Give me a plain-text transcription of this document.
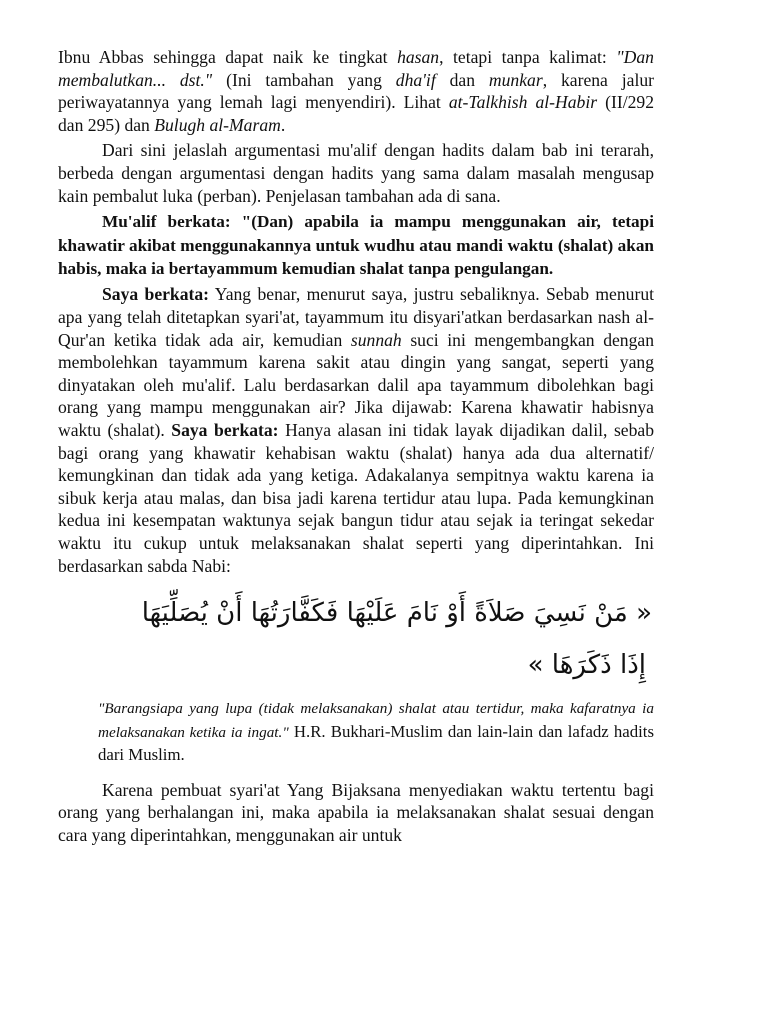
Ibnu Abbas sehingga dapat naik ke tingkat hasan, tetapi tanpa kalimat: "Dan membalutkan... dst." (Ini tambahan yang dha'if dan munkar, karena jalur periwayatannya yang lemah lagi menyendiri). Lihat at-Talkhish al-Habir (II/292 dan 295) dan Bulugh al-Maram.

Dari sini jelaslah argumentasi mu'alif dengan hadits dalam bab ini terarah, berbeda dengan argumentasi dengan hadits yang sama dalam masalah mengusap kain pembalut luka (perban). Penjelasan tambahan ada di sana.

Mu'alif berkata: "(Dan) apabila ia mampu menggunakan air, tetapi khawatir akibat menggunakannya untuk wudhu atau mandi waktu (shalat) akan habis, maka ia bertayammum kemudian shalat tanpa pengulangan.

Saya berkata: Yang benar, menurut saya, justru sebaliknya. Sebab menurut apa yang telah ditetapkan syari'at, tayammum itu disyari'atkan berdasarkan nash al-Qur'an ketika tidak ada air, kemudian sunnah suci ini mengembangkan dengan membolehkan tayammum karena sakit atau dingin yang sangat, seperti yang dinyatakan oleh mu'alif. Lalu berdasarkan dalil apa tayammum dibolehkan bagi orang yang mampu menggunakan air? Jika dijawab: Karena khawatir habisnya waktu (shalat). Saya berkata: Hanya alasan ini tidak layak dijadikan dalil, sebab bagi orang yang khawatir kehabisan waktu (shalat) hanya ada dua alternatif/ kemungkinan dan tidak ada yang ketiga. Adakalanya sempitnya waktu karena ia sibuk kerja atau malas, dan bisa jadi karena tertidur atau lupa. Pada kemungkinan kedua ini kesempatan waktunya sejak bangun tidur atau sejak ia teringat sekedar waktu itu cukup untuk melaksanakan shalat seperti yang diperintahkan. Ini berdasarkan sabda Nabi:

« مَنْ نَسِيَ صَلاَةً أَوْ نَامَ عَلَيْهَا فَكَفَّارَتُهَا أَنْ يُصَلِّيَهَا
إِذَا ذَكَرَهَا »

"Barangsiapa yang lupa (tidak melaksanakan) shalat atau tertidur, maka kafaratnya ia melaksanakan ketika ia ingat." H.R. Bukhari-Muslim dan lain-lain dan lafadz hadits dari Muslim.

Karena pembuat syari'at Yang Bijaksana menyediakan waktu tertentu bagi orang yang berhalangan ini, maka apabila ia melaksanakan shalat sesuai dengan cara yang diperintahkan, menggunakan air untuk
